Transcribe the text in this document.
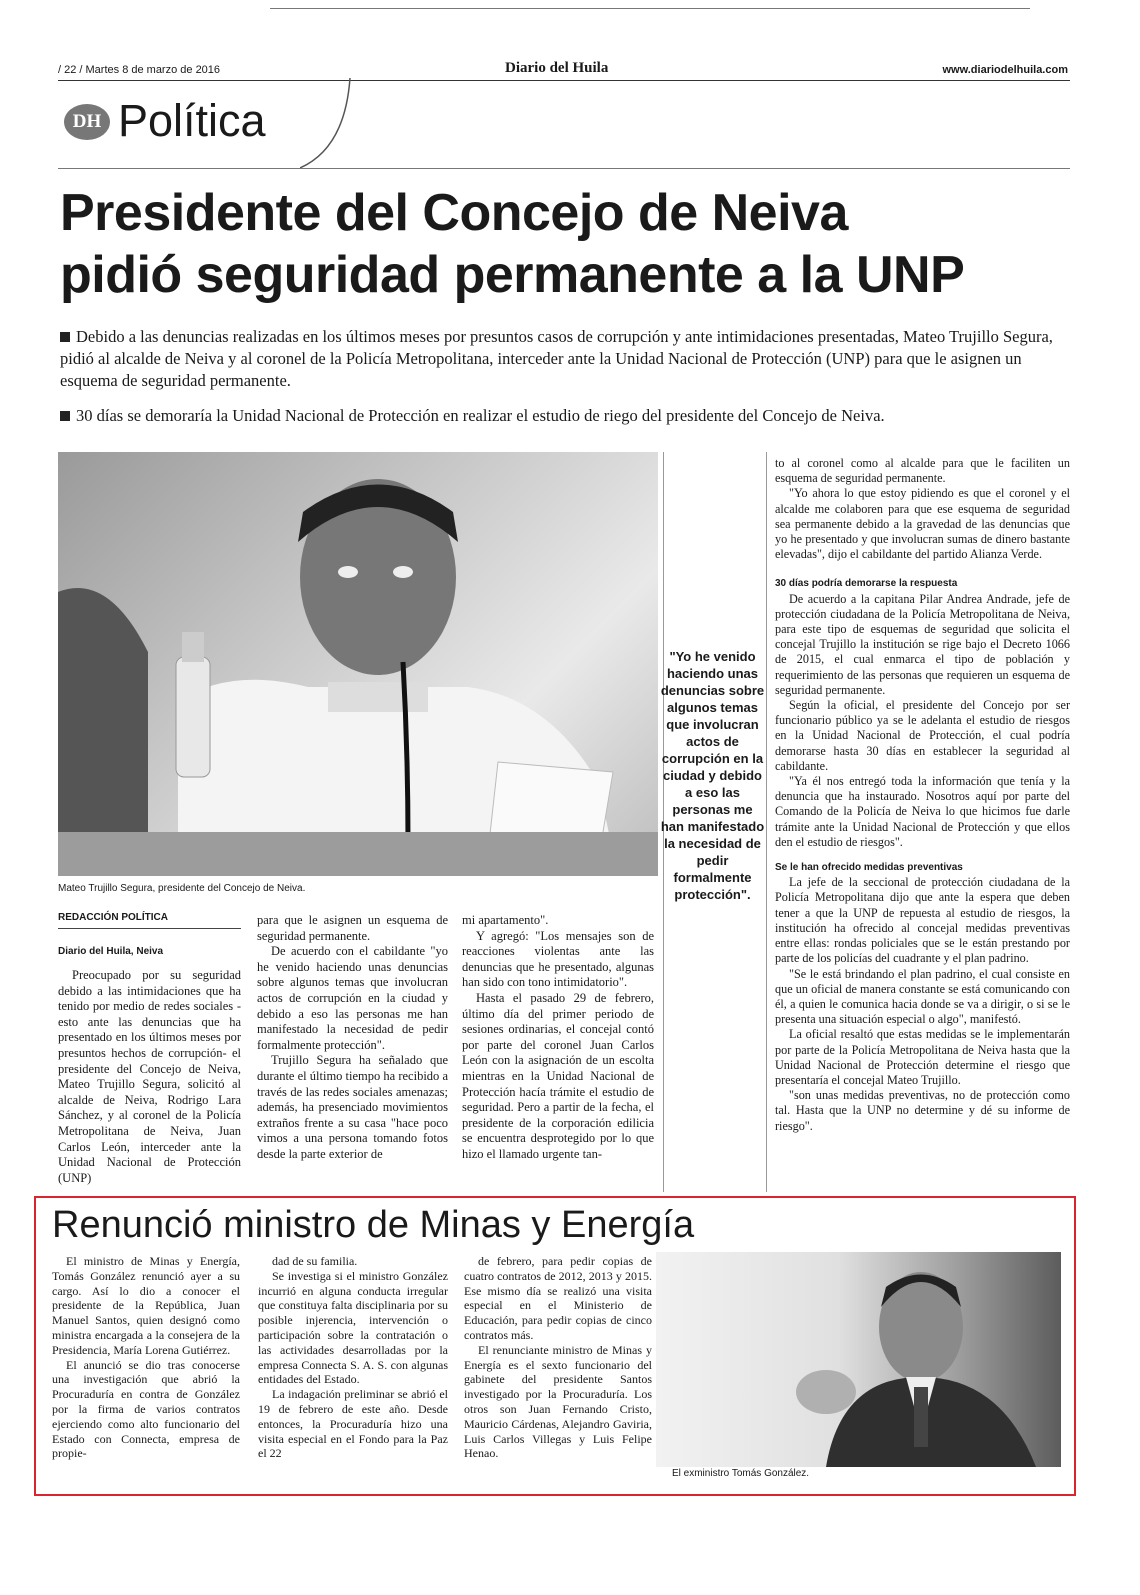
/ 22 / Martes 8 de marzo de 2016	Diario del Huila	www.diariodelhuila.com
DH Política
Presidente del Concejo de Neiva
pidió seguridad permanente a la UNP
Debido a las denuncias realizadas en los últimos meses por presuntos casos de corrupción y ante intimidaciones presentadas, Mateo Trujillo Segura, pidió al alcalde de Neiva y al coronel de la Policía Metropolitana, interceder ante la Unidad Nacional de Protección (UNP) para que le asignen un esquema de seguridad permanente.
30 días se demoraría la Unidad Nacional de Protección en realizar el estudio de riego del presidente del Concejo de Neiva.
Mateo Trujillo Segura, presidente del Concejo de Neiva.
REDACCIÓN POLÍTICA
Diario del Huila, Neiva

Preocupado por su seguridad debido a las intimidaciones que ha tenido por medio de redes sociales -esto ante las denuncias que ha presentado en los últimos meses por presuntos hechos de corrupción- el presidente del Concejo de Neiva, Mateo Trujillo Segura, solicitó al alcalde de Neiva, Rodrigo Lara Sánchez, y al coronel de la Policía Metropolitana de Neiva, Juan Carlos León, interceder ante la Unidad Nacional de Protección (UNP)

para que le asignen un esquema de seguridad permanente.

De acuerdo con el cabildante "yo he venido haciendo unas denuncias sobre algunos temas que involucran actos de corrupción en la ciudad y debido a eso las personas me han manifestado la necesidad de pedir formalmente protección".

Trujillo Segura ha señalado que durante el último tiempo ha recibido a través de las redes sociales amenazas; además, ha presenciado movimientos extraños frente a su casa "hace poco vimos a una persona tomando fotos desde la parte exterior de

mi apartamento".

Y agregó: "Los mensajes son de reacciones violentas ante las denuncias que he presentado, algunas han sido con tono intimidatorio".

Hasta el pasado 29 de febrero, último día del primer periodo de sesiones ordinarias, el concejal contó por parte del coronel Juan Carlos León con la asignación de un escolta mientras en la Unidad Nacional de Protección hacía trámite el estudio de seguridad. Pero a partir de la fecha, el presidente de la corporación edilicia se encuentra desprotegido por lo que hizo el llamado urgente tan-

"Yo he venido haciendo unas denuncias sobre algunos temas que involucran actos de corrupción en la ciudad y debido a eso las personas me han manifestado la necesidad de pedir formalmente protección".

to al coronel como al alcalde para que le faciliten un esquema de seguridad permanente.

"Yo ahora lo que estoy pidiendo es que el coronel y el alcalde me colaboren para que ese esquema de seguridad sea permanente debido a la gravedad de las denuncias que yo he presentado y que involucran sumas de dinero bastante elevadas", dijo el cabildante del partido Alianza Verde.

30 días podría demorarse la respuesta

De acuerdo a la capitana Pilar Andrea Andrade, jefe de protección ciudadana de la Policía Metropolitana de Neiva, para este tipo de esquemas de seguridad que solicita el concejal Trujillo la institución se rige bajo el Decreto 1066 de 2015, el cual enmarca el tipo de población y requerimiento de las personas que requieren un esquema de seguridad permanente.

Según la oficial, el presidente del Concejo por ser funcionario público ya se le adelanta el estudio de riesgos en la Unidad Nacional de Protección, el cual podría demorarse hasta 30 días en establecer la seguridad al cabildante.

"Ya él nos entregó toda la información que tenía y la denuncia que ha instaurado. Nosotros aquí por parte del Comando de la Policía de Neiva lo que hicimos fue darle trámite ante la Unidad Nacional de Protección y que ellos den el estudio de riesgos".

Se le han ofrecido medidas preventivas

La jefe de la seccional de protección ciudadana de la Policía Metropolitana dijo que ante la espera que deben tener a que la UNP de repuesta al estudio de riesgos, la institución ha ofrecido al concejal medidas preventivas entre ellas: rondas policiales que se le están prestando por parte de los policías del cuadrante y el plan padrino.

"Se le está brindando el plan padrino, el cual consiste en que un oficial de manera constante se está comunicando con él, a quien le comunica hacia donde se va a dirigir, o si se le presenta una situación especial o algo", manifestó.

La oficial resaltó que estas medidas se le implementarán por parte de la Policía Metropolitana de Neiva hasta que la Unidad Nacional de Protección determine el riesgo que presentaría el concejal Mateo Trujillo.

"son unas medidas preventivas, no de protección como tal. Hasta que la UNP no determine y dé su informe de riesgo".

Renunció ministro de Minas y Energía

El ministro de Minas y Energía, Tomás González renunció ayer a su cargo. Así lo dio a conocer el presidente de la República, Juan Manuel Santos, quien designó como ministra encargada a la consejera de la Presidencia, María Lorena Gutiérrez.

El anunció se dio tras conocerse una investigación que abrió la Procuraduría en contra de González por la firma de varios contratos ejerciendo como alto funcionario del Estado con Connecta, empresa de propie-

dad de su familia.

Se investiga si el ministro González incurrió en alguna conducta irregular que constituya falta disciplinaria por su posible injerencia, intervención o participación sobre la contratación o las actividades desarrolladas por la empresa Connecta S. A. S. con algunas entidades del Estado.

La indagación preliminar se abrió el 19 de febrero de este año. Desde entonces, la Procuraduría hizo una visita especial en el Fondo para la Paz el 22

de febrero, para pedir copias de cuatro contratos de 2012, 2013 y 2015. Ese mismo día se realizó una visita especial en el Ministerio de Educación, para pedir copias de cinco contratos más.

El renunciante ministro de Minas y Energía es el sexto funcionario del gabinete del presidente Santos investigado por la Procuraduría. Los otros son Juan Fernando Cristo, Mauricio Cárdenas, Alejandro Gaviria, Luis Carlos Villegas y Luis Felipe Henao.

El exministro Tomás González.
